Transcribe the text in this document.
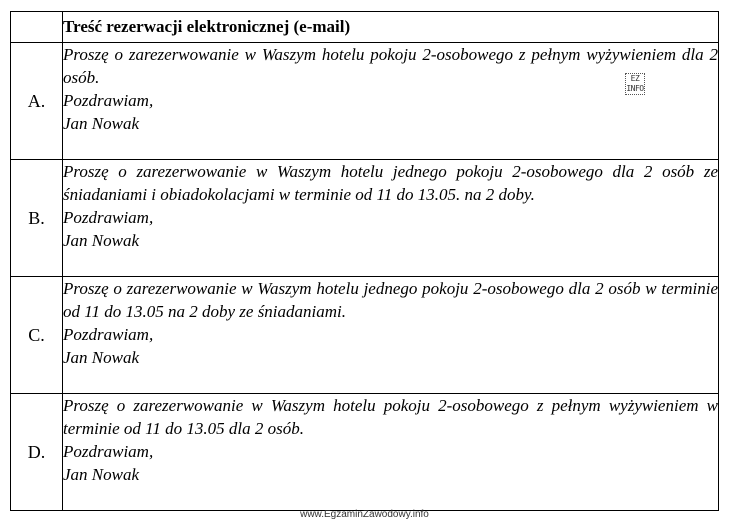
	Treść rezerwacji elektronicznej (e-mail)
A.	Proszę o zarezerwowanie w Waszym hotelu pokoju 2-osobowego z pełnym wyżywieniem dla 2 osób.

Pozdrawiam,
Jan Nowak
EZ
INFO

B.	Proszę o zarezerwowanie w Waszym hotelu jednego pokoju 2-osobowego dla 2 osób ze śniadaniami i obiadokolacjami w terminie od 11 do 13.05. na 2 doby.

Pozdrawiam,
Jan Nowak

C.	Proszę o zarezerwowanie w Waszym hotelu jednego pokoju 2-osobowego dla 2 osób w terminie od 11 do 13.05 na 2 doby ze śniadaniami.

Pozdrawiam,
Jan Nowak

D.	Proszę o zarezerwowanie w Waszym hotelu pokoju 2-osobowego z pełnym wyżywieniem w terminie od 11 do 13.05 dla 2 osób.

Pozdrawiam,
Jan Nowak
www.EgzaminZawodowy.info
